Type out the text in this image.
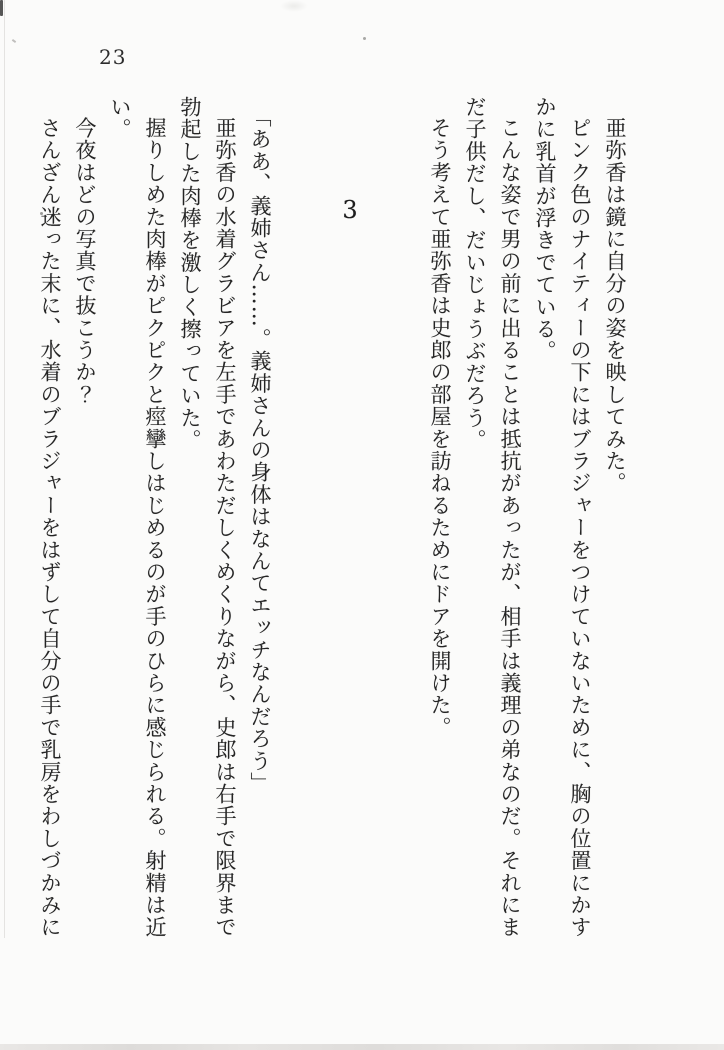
23

亜弥香は鏡に自分の姿を映してみた。

ピンク色のナイティーの下にはブラジャーをつけていないために、胸の位置にかすかに乳首が浮きでている。

こんな姿で男の前に出ることは抵抗があったが、相手は義理の弟なのだ。それにまだ子供だし、だいじょうぶだろう。

そう考えて亜弥香は史郎の部屋を訪ねるためにドアを開けた。

3

「ああ、義姉さん……。義姉さんの身体はなんてエッチなんだろう」

亜弥香の水着グラビアを左手であわただしくめくりながら、史郎は右手で限界まで勃起した肉棒を激しく擦っていた。

握りしめた肉棒がピクピクと痙攣しはじめるのが手のひらに感じられる。射精は近い。

今夜はどの写真で抜こうか？

さんざん迷った末に、水着のブラジャーをはずして自分の手で乳房をわしづかみに
